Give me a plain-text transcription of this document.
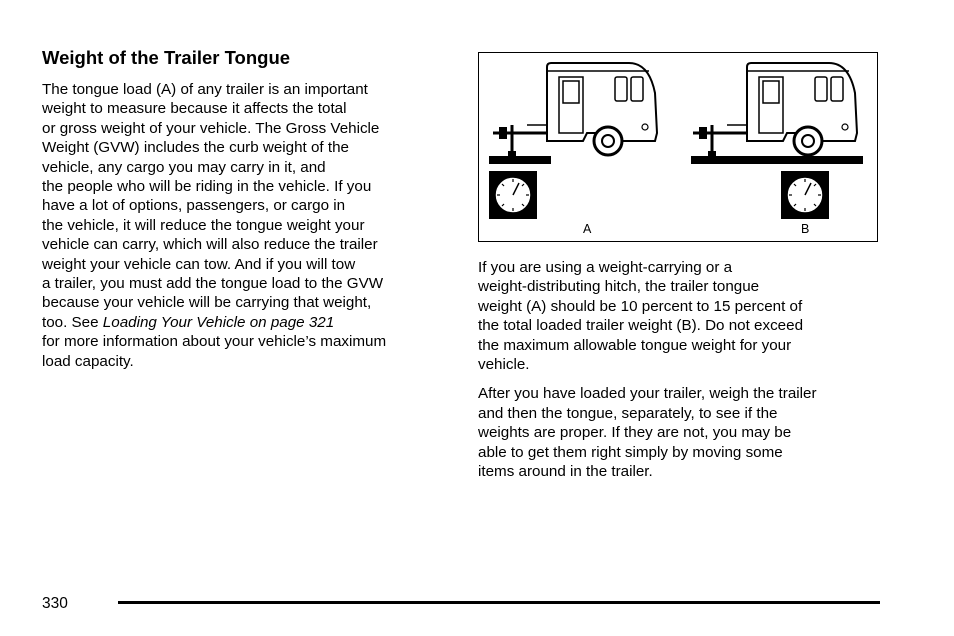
Weight of the Trailer Tongue

The tongue load (A) of any trailer is an important
weight to measure because it affects the total
or gross weight of your vehicle. The Gross Vehicle
Weight (GVW) includes the curb weight of the
vehicle, any cargo you may carry in it, and
the people who will be riding in the vehicle. If you
have a lot of options, passengers, or cargo in
the vehicle, it will reduce the tongue weight your
vehicle can carry, which will also reduce the trailer
weight your vehicle can tow. And if you will tow
a trailer, you must add the tongue load to the GVW
because your vehicle will be carrying that weight,
too. See Loading Your Vehicle on page 321
for more information about your vehicle’s maximum
load capacity.

A	B

If you are using a weight-carrying or a
weight-distributing hitch, the trailer tongue
weight (A) should be 10 percent to 15 percent of
the total loaded trailer weight (B). Do not exceed
the maximum allowable tongue weight for your
vehicle.

After you have loaded your trailer, weigh the trailer
and then the tongue, separately, to see if the
weights are proper. If they are not, you may be
able to get them right simply by moving some
items around in the trailer.

330
